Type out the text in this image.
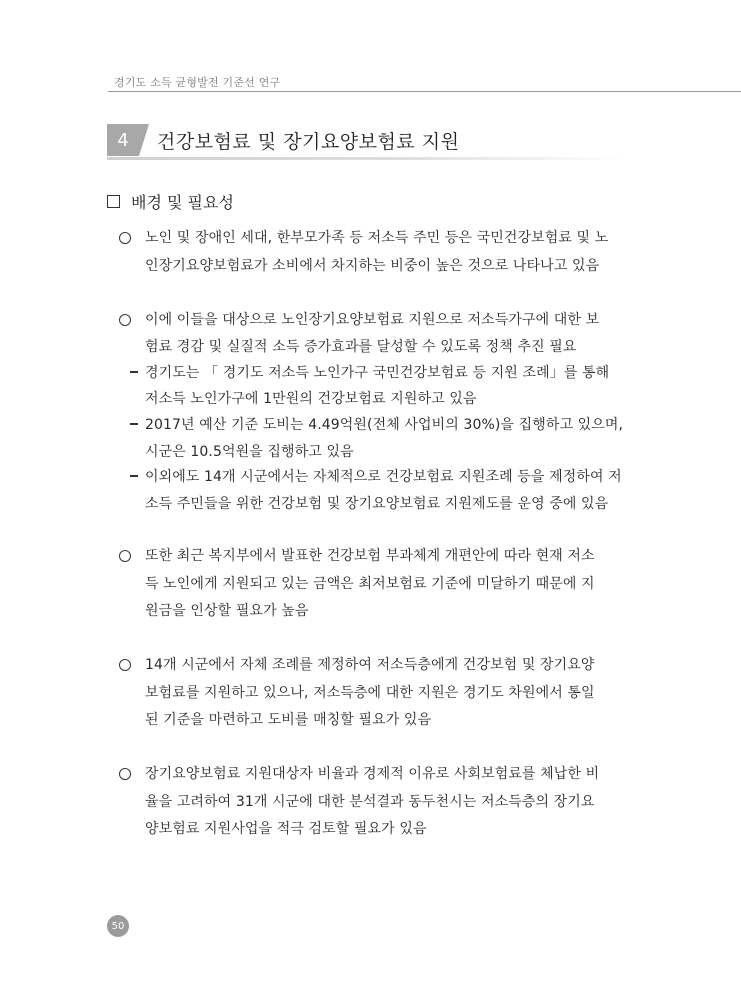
경기도 소득 균형발전 기준선 연구
4	건강보험료 및 장기요양보험료 지원
배경 및 필요성
노인 및 장애인 세대, 한부모가족 등 저소득 주민 등은 국민건강보험료 및 노
인장기요양보험료가 소비에서 차지하는 비중이 높은 것으로 나타나고 있음
이에 이들을 대상으로 노인장기요양보험료 지원으로 저소득가구에 대한 보
험료 경감 및 실질적 소득 증가효과를 달성할 수 있도록 정책 추진 필요
경기도는 「 경기도 저소득 노인가구 국민건강보험료 등 지원 조례」를 통해
저소득 노인가구에 1만원의 건강보험료 지원하고 있음
2017년 예산 기준 도비는 4.49억원(전체 사업비의 30%)을 집행하고 있으며,
시군은 10.5억원을 집행하고 있음
이외에도 14개 시군에서는 자체적으로 건강보험료 지원조례 등을 제정하여 저
소득 주민들을 위한 건강보험 및 장기요양보험료 지원제도를 운영 중에 있음
또한 최근 복지부에서 발표한 건강보험 부과체계 개편안에 따라 현재 저소
득 노인에게 지원되고 있는 금액은 최저보험료 기준에 미달하기 때문에 지
원금을 인상할 필요가 높음
14개 시군에서 자체 조례를 제정하여 저소득층에게 건강보험 및 장기요양
보험료를 지원하고 있으나, 저소득층에 대한 지원은 경기도 차원에서 통일
된 기준을 마련하고 도비를 매칭할 필요가 있음
장기요양보험료 지원대상자 비율과 경제적 이유로 사회보험료를 체납한 비
율을 고려하여 31개 시군에 대한 분석결과 동두천시는 저소득층의 장기요
양보험료 지원사업을 적극 검토할 필요가 있음
50
